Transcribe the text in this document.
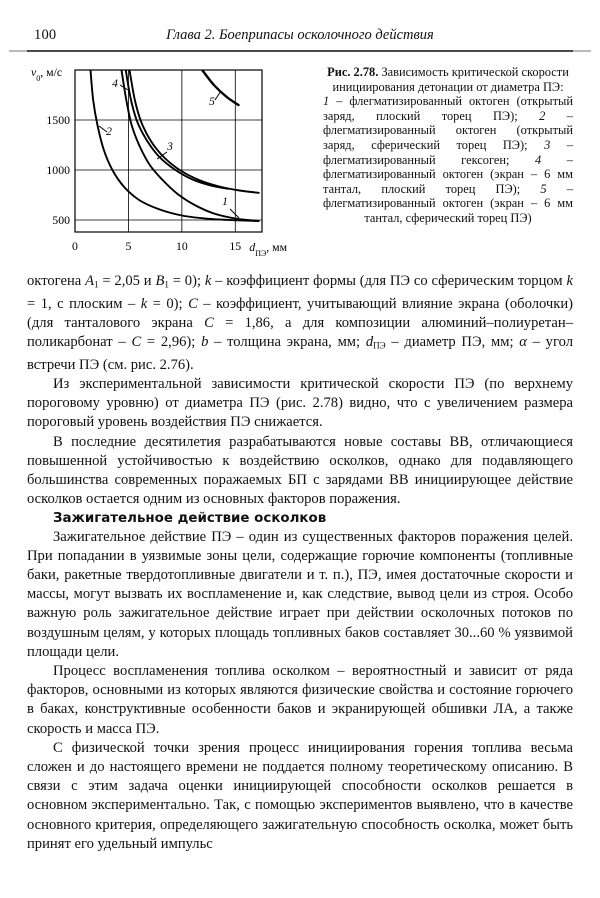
100	Глава 2. Боеприпасы осколочного действия
1
2
3
4
5
500
1000
1500
0	5	10	15
$v_0$, м/с
$d_{ПЭ}$, мм
Рис. 2.78. Зависимость критической скорости инициирования детонации от диаметра ПЭ:
1 – флегматизированный октоген (открытый заряд, плоский торец ПЭ); 2 – флегматизированный октоген (открытый заряд, сферический торец ПЭ); 3 – флегматизированный гексоген; 4 – флегматизированный октоген (экран – 6 мм тантал, плоский торец ПЭ); 5 – флегматизированный октоген (экран – 6 мм тантал, сферический торец ПЭ)

октогена $A_1 = 2,05$ и $B_1 = 0$); k – коэффициент формы (для ПЭ со сферическим торцом k = 1, с плоским – k = 0); C – коэффициент, учитывающий влияние экрана (оболочки) (для танталового экрана C = 1,86, а для композиции алюминий–полиуретан–поликарбонат – C = 2,96); b – толщина экрана, мм; $d_{ПЭ}$ – диаметр ПЭ, мм; α – угол встречи ПЭ (см. рис. 2.76).

Из экспериментальной зависимости критической скорости ПЭ (по верхнему пороговому уровню) от диаметра ПЭ (рис. 2.78) видно, что с увеличением размера пороговый уровень воздействия ПЭ снижается.

В последние десятилетия разрабатываются новые составы ВВ, отличающиеся повышенной устойчивостью к воздействию осколков, однако для подавляющего большинства современных поражаемых БП с зарядами ВВ инициирующее действие осколков остается одним из основных факторов поражения.

Зажигательное действие осколков

Зажигательное действие ПЭ – один из существенных факторов поражения целей. При попадании в уязвимые зоны цели, содержащие горючие компоненты (топливные баки, ракетные твердотопливные двигатели и т. п.), ПЭ, имея достаточные скорости и массы, могут вызвать их воспламенение и, как следствие, вывод цели из строя. Особо важную роль зажигательное действие играет при действии осколочных потоков по воздушным целям, у которых площадь топливных баков составляет 30...60 % уязвимой площади цели.

Процесс воспламенения топлива осколком – вероятностный и зависит от ряда факторов, основными из которых являются физические свойства и состояние горючего в баках, конструктивные особенности баков и экранирующей обшивки ЛА, а также скорость и масса ПЭ.

С физической точки зрения процесс инициирования горения топлива весьма сложен и до настоящего времени не поддается полному теоретическому описанию. В связи с этим задача оценки инициирующей способности осколков решается в основном экспериментально. Так, с помощью экспериментов выявлено, что в качестве основного критерия, определяющего зажигательную способность осколка, может быть принят его удельный импульс
